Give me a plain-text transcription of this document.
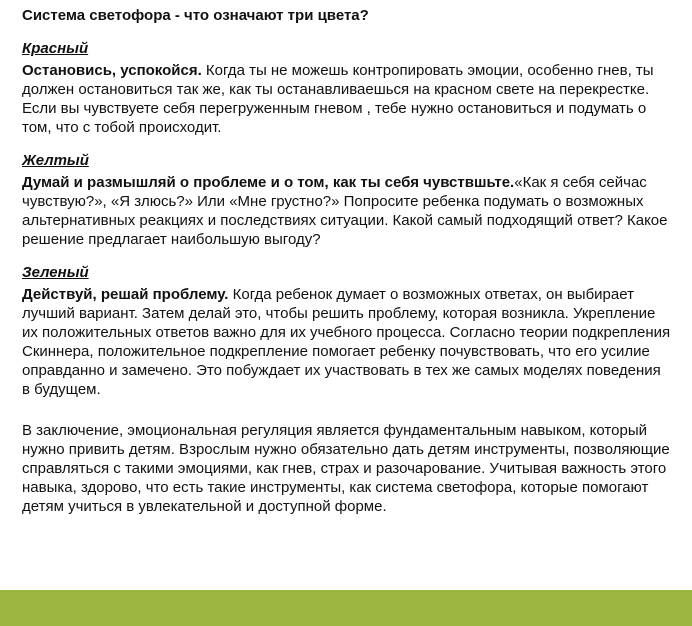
Система светофора - что означают три цвета?
Красный

Остановись, успокойся. Когда ты не можешь контропировать эмоции, особенно гнев, ты должен остановиться так же, как ты останавливаешься на красном свете на перекрестке. Если вы чувствуете себя перегруженным гневом , тебе нужно остановиться и подумать о том, что с тобой происходит.

Желтый

Думай и размышляй о проблеме и о том, как ты себя чувствшьте.«Как я себя сейчас чувствую?», «Я злюсь?» Или «Мне грустно?» Попросите ребенка подумать о возможных альтернативных реакциях и последствиях ситуации. Какой самый подходящий ответ? Какое решение предлагает наибольшую выгоду?

Зеленый

Действуй, решай проблему. Когда ребенок думает о возможных ответах, он выбирает лучший вариант. Затем делай это, чтобы решить проблему, которая возникла. Укрепление их положительных ответов важно для их учебного процесса. Согласно теории подкрепления Скиннера, положительное подкрепление помогает ребенку почувствовать, что его усилие оправданно и замечено. Это побуждает их участвовать в тех же самых моделях поведения в будущем.

В заключение, эмоциональная регуляция является фундаментальным навыком, который нужно привить детям. Взрослым нужно обязательно дать детям инструменты, позволяющие справляться с такими эмоциями, как гнев, страх и разочарование. Учитывая важность этого навыка, здорово, что есть такие инструменты, как система светофора, которые помогают детям учиться в увлекательной и доступной форме.
